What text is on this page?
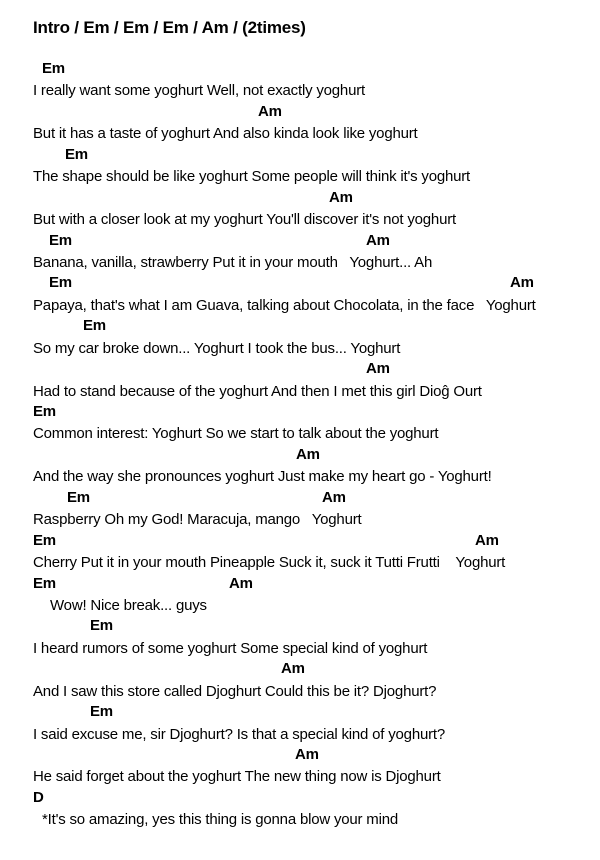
Intro / Em / Em / Em / Am / (2times)
Em
I really want some yoghurt Well, not exactly yoghurt
Am
But it has a taste of yoghurt And also kinda look like yoghurt
Em
The shape should be like yoghurt Some people will think it's yoghurt
Am
But with a closer look at my yoghurt You'll discover it's not yoghurt
Em	Am
Banana, vanilla, strawberry Put it in your mouth   Yoghurt... Ah
Em	Am
Papaya, that's what I am Guava, talking about Chocolata, in the face   Yoghurt
Em
So my car broke down... Yoghurt I took the bus... Yoghurt
Am
Had to stand because of the yoghurt And then I met this girl Dioĝ Ourt
Em
Common interest: Yoghurt So we start to talk about the yoghurt
Am
And the way she pronounces yoghurt Just make my heart go - Yoghurt!
Em	Am
Raspberry Oh my God! Maracuja, mango   Yoghurt
Em	Am
Cherry Put it in your mouth Pineapple Suck it, suck it Tutti Frutti    Yoghurt
Em	Am
Wow! Nice break... guys
Em
I heard rumors of some yoghurt Some special kind of yoghurt
Am
And I saw this store called Djoghurt Could this be it? Djoghurt?
Em
I said excuse me, sir Djoghurt? Is that a special kind of yoghurt?
Am
He said forget about the yoghurt The new thing now is Djoghurt
D
*It's so amazing, yes this thing is gonna blow your mind
